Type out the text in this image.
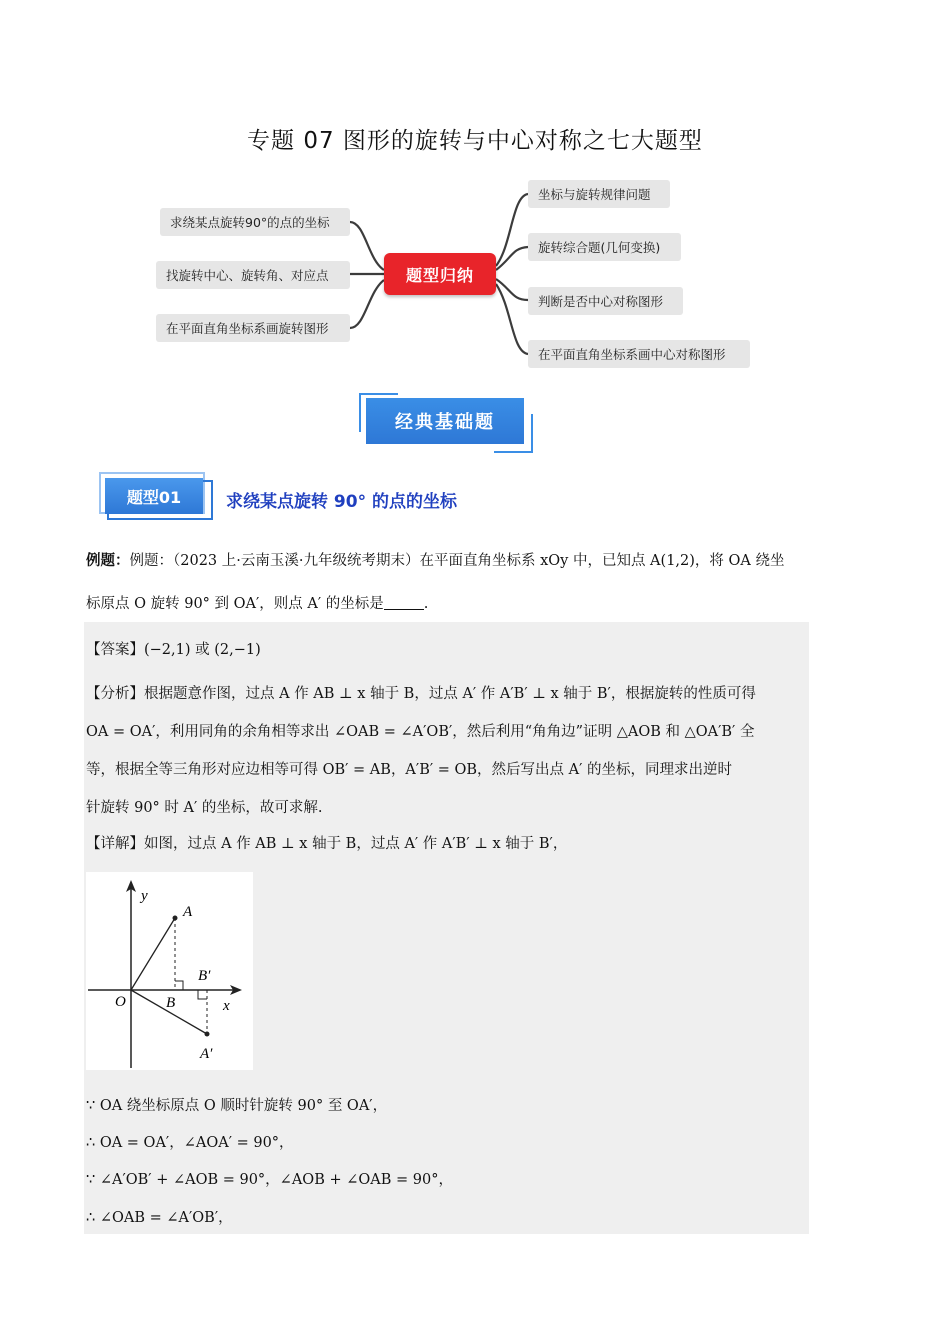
专题 07 图形的旋转与中心对称之七大题型
求绕某点旋转90°的点的坐标
找旋转中心、旋转角、对应点
在平面直角坐标系画旋转图形
题型归纳
坐标与旋转规律问题
旋转综合题(几何变换)
判断是否中心对称图形
在平面直角坐标系画中心对称图形
经典基础题
题型01	求绕某点旋转 90° 的点的坐标
例题：例题：（2023 上·云南玉溪·九年级统考期末）在平面直角坐标系 xOy 中，已知点 A(1,2)，将 OA 绕坐
标原点 O 旋转 90° 到 OA′，则点 A′ 的坐标是	.
【答案】(−2,1) 或 (2,−1)
【分析】根据题意作图，过点 A 作 AB ⊥ x 轴于 B，过点 A′ 作 A′B′ ⊥ x 轴于 B′，根据旋转的性质可得
OA = OA′，利用同角的余角相等求出 ∠OAB = ∠A′OB′，然后利用“角角边”证明 △AOB 和 △OA′B′ 全
等，根据全等三角形对应边相等可得 OB′ = AB，A′B′ = OB，然后写出点 A′ 的坐标，同理求出逆时
针旋转 90° 时 A′ 的坐标，故可求解.
【详解】如图，过点 A 作 AB ⊥ x 轴于 B，过点 A′ 作 A′B′ ⊥ x 轴于 B′，
y
A
B′
O	B	x
A′
∵ OA 绕坐标原点 O 顺时针旋转 90° 至 OA′，
∴ OA = OA′，∠AOA′ = 90°，
∵ ∠A′OB′ + ∠AOB = 90°，∠AOB + ∠OAB = 90°，
∴ ∠OAB = ∠A′OB′，
